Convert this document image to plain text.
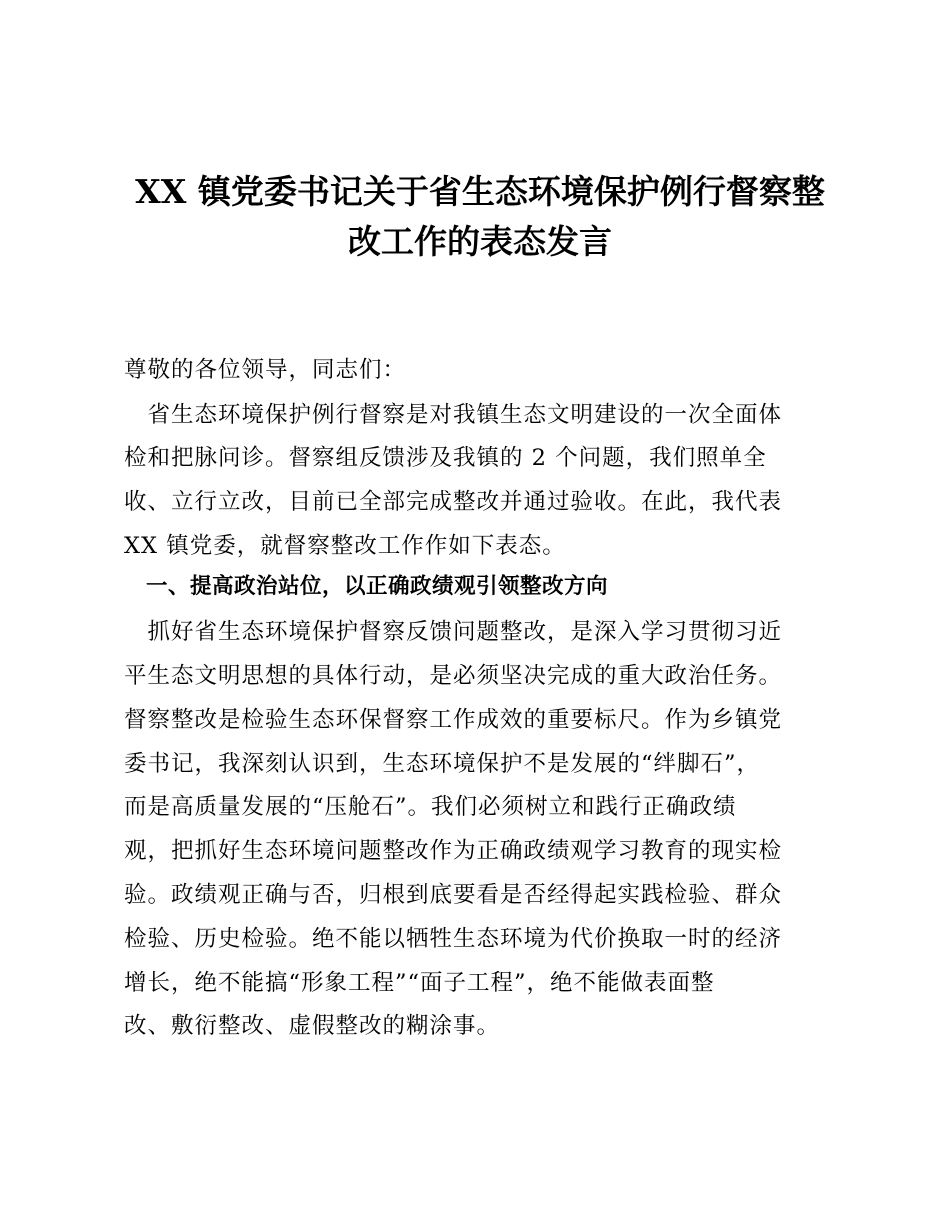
XX 镇党委书记关于省生态环境保护例行督察整
改工作的表态发言
尊敬的各位领导，同志们：
　省生态环境保护例行督察是对我镇生态文明建设的一次全面体
检和把脉问诊。督察组反馈涉及我镇的 2 个问题，我们照单全
收、立行立改，目前已全部完成整改并通过验收。在此，我代表
XX 镇党委，就督察整改工作作如下表态。
　一、提高政治站位，以正确政绩观引领整改方向
　抓好省生态环境保护督察反馈问题整改，是深入学习贯彻习近
平生态文明思想的具体行动，是必须坚决完成的重大政治任务。
督察整改是检验生态环保督察工作成效的重要标尺。作为乡镇党
委书记，我深刻认识到，生态环境保护不是发展的“绊脚石”，
而是高质量发展的“压舱石”。我们必须树立和践行正确政绩
观，把抓好生态环境问题整改作为正确政绩观学习教育的现实检
验。政绩观正确与否，归根到底要看是否经得起实践检验、群众
检验、历史检验。绝不能以牺牲生态环境为代价换取一时的经济
增长，绝不能搞“形象工程”“面子工程”，绝不能做表面整
改、敷衍整改、虚假整改的糊涂事。
